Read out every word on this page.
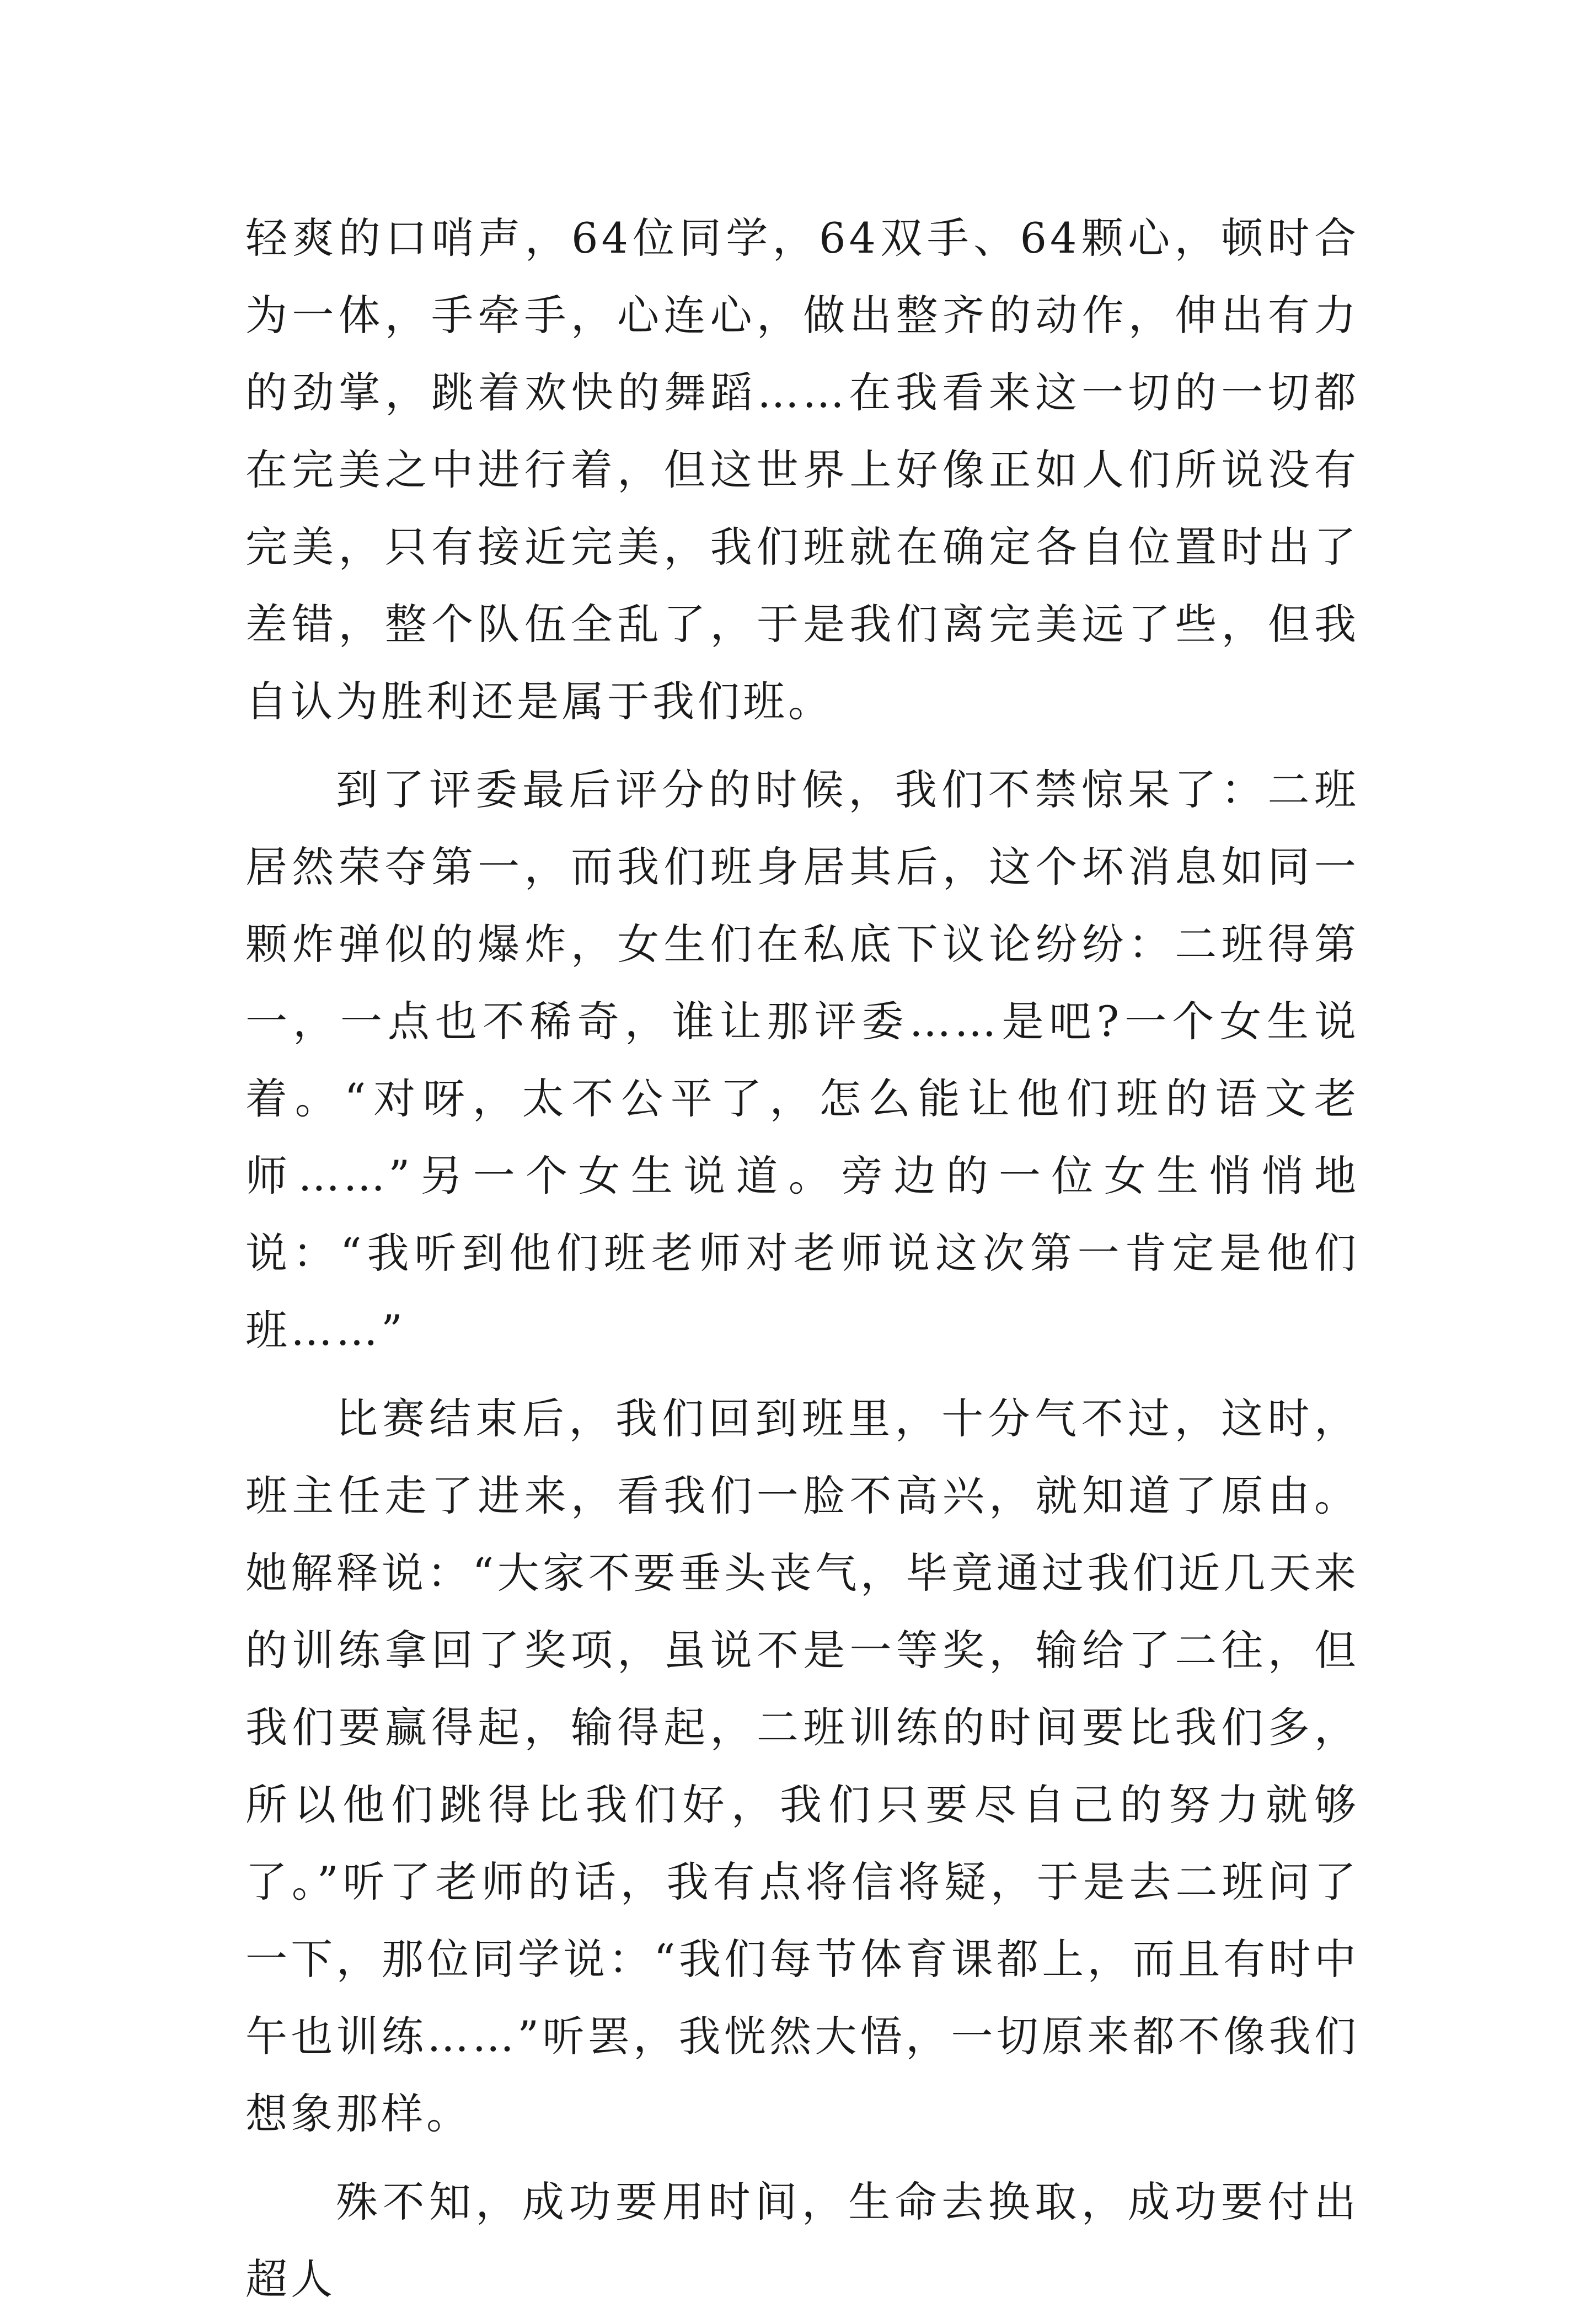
轻爽的口哨声，64位同学，64双手、64颗心，顿时合为一体，手牵手，心连心，做出整齐的动作，伸出有力的劲掌，跳着欢快的舞蹈……在我看来这一切的一切都在完美之中进行着，但这世界上好像正如人们所说没有完美，只有接近完美，我们班就在确定各自位置时出了差错，整个队伍全乱了，于是我们离完美远了些，但我自认为胜利还是属于我们班。

到了评委最后评分的时候，我们不禁惊呆了：二班居然荣夺第一，而我们班身居其后，这个坏消息如同一颗炸弹似的爆炸，女生们在私底下议论纷纷：二班得第一，一点也不稀奇，谁让那评委……是吧?一个女生说着。“对呀，太不公平了，怎么能让他们班的语文老师……”另一个女生说道。旁边的一位女生悄悄地说：“我听到他们班老师对老师说这次第一肯定是他们班……”

比赛结束后，我们回到班里，十分气不过，这时，班主任走了进来，看我们一脸不高兴，就知道了原由。她解释说：“大家不要垂头丧气，毕竟通过我们近几天来的训练拿回了奖项，虽说不是一等奖，输给了二往，但我们要赢得起，输得起，二班训练的时间要比我们多，所以他们跳得比我们好，我们只要尽自己的努力就够了。”听了老师的话，我有点将信将疑，于是去二班问了一下，那位同学说：“我们每节体育课都上，而且有时中午也训练……”听罢，我恍然大悟，一切原来都不像我们想象那样。

殊不知，成功要用时间，生命去换取，成功要付出超人
